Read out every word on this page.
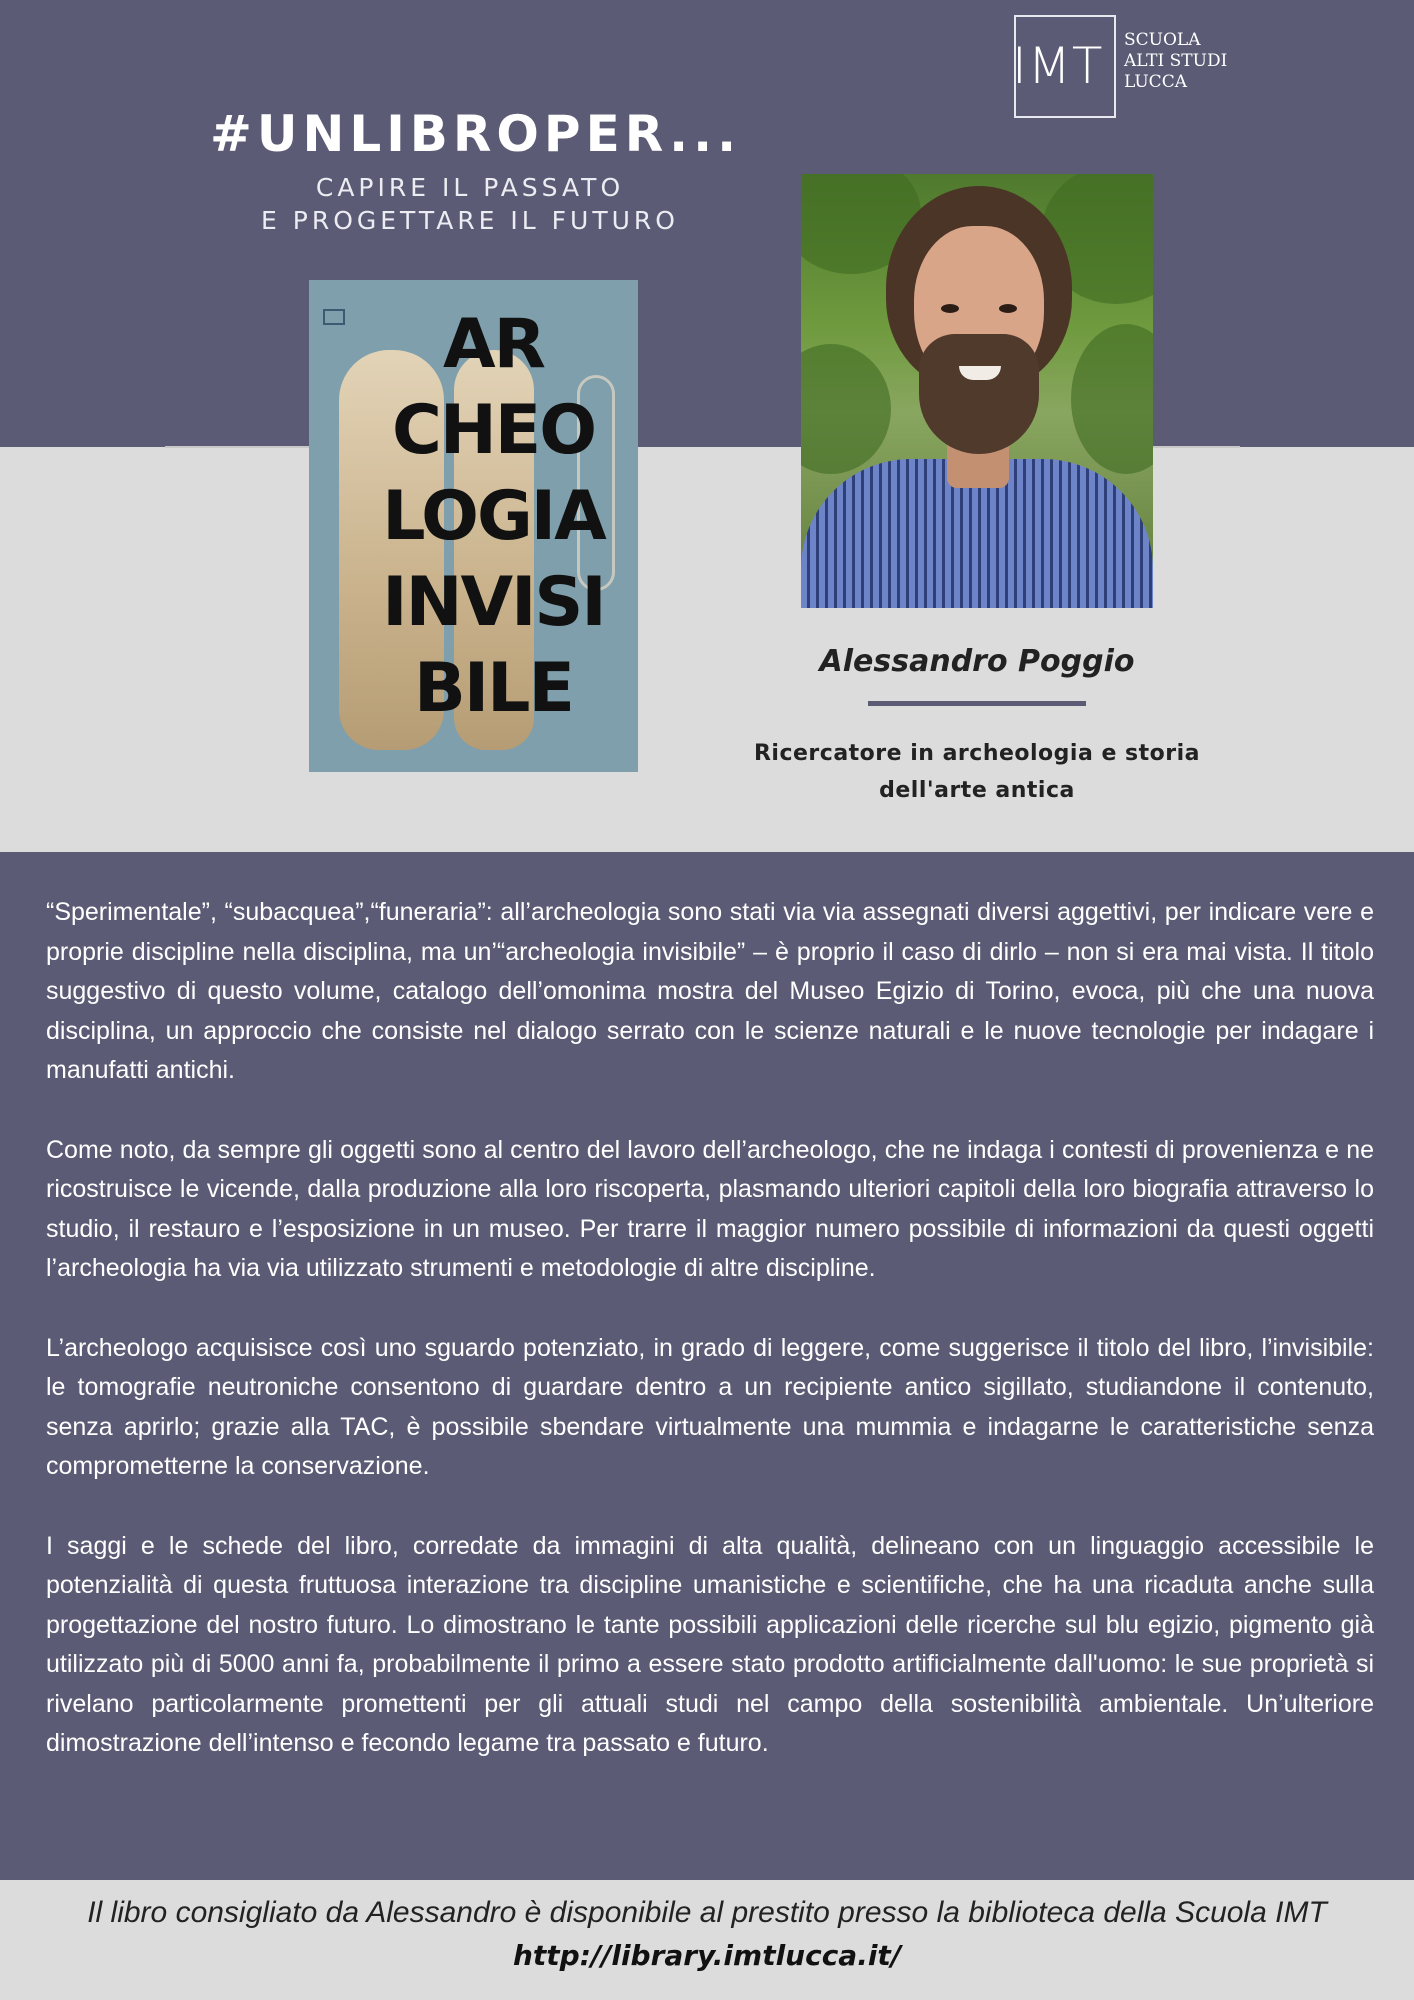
IMT SCUOLA
ALTI STUDI
LUCCA
#UNLIBROPER...
CAPIRE IL PASSATO
E PROGETTARE IL FUTURO
AR
CHEO
LOGIA
INVISI
BILE	Alessandro Poggio
Ricercatore in archeologia e storia
dell'arte antica

“Sperimentale”, “subacquea”,“funeraria”: all’archeologia sono stati via via assegnati diversi aggettivi, per indicare vere e proprie discipline nella disciplina, ma un’“archeologia invisibile” – è proprio il caso di dirlo – non si era mai vista. Il titolo suggestivo di questo volume, catalogo dell’omonima mostra del Museo Egizio di Torino, evoca, più che una nuova disciplina, un approccio che consiste nel dialogo serrato con le scienze naturali e le nuove tecnologie per indagare i manufatti antichi.

Come noto, da sempre gli oggetti sono al centro del lavoro dell’archeologo, che ne indaga i contesti di provenienza e ne ricostruisce le vicende, dalla produzione alla loro riscoperta, plasmando ulteriori capitoli della loro biografia attraverso lo studio, il restauro e l’esposizione in un museo. Per trarre il maggior numero possibile di informazioni da questi oggetti l’archeologia ha via via utilizzato strumenti e metodologie di altre discipline.

L’archeologo acquisisce così uno sguardo potenziato, in grado di leggere, come suggerisce il titolo del libro, l’invisibile: le tomografie neutroniche consentono di guardare dentro a un recipiente antico sigillato, studiandone il contenuto, senza aprirlo; grazie alla TAC, è possibile sbendare virtualmente una mummia e indagarne le caratteristiche senza comprometterne la conservazione.

I saggi e le schede del libro, corredate da immagini di alta qualità, delineano con un linguaggio accessibile le potenzialità di questa fruttuosa interazione tra discipline umanistiche e scientifiche, che ha una ricaduta anche sulla progettazione del nostro futuro. Lo dimostrano le tante possibili applicazioni delle ricerche sul blu egizio, pigmento già utilizzato più di 5000 anni fa, probabilmente il primo a essere stato prodotto artificialmente dall'uomo: le sue proprietà si rivelano particolarmente promettenti per gli attuali studi nel campo della sostenibilità ambientale. Un’ulteriore dimostrazione dell’intenso e fecondo legame tra passato e futuro.

Il libro consigliato da Alessandro è disponibile al prestito presso la biblioteca della Scuola IMT
http://library.imtlucca.it/
